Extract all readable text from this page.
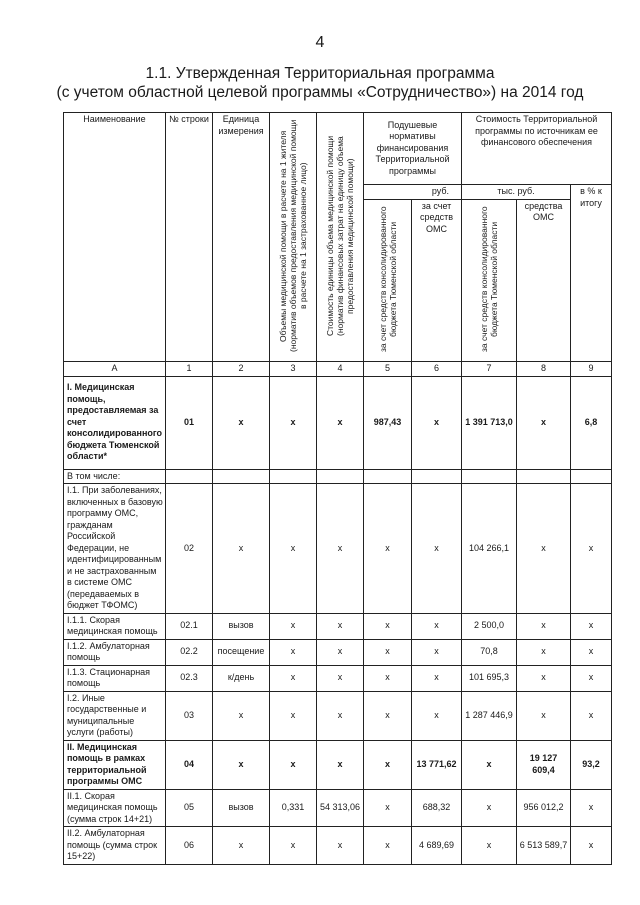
4
1.1. Утвержденная Территориальная программа
(с учетом областной целевой программы «Сотрудничество») на 2014 год
Наименование	№ строки	Единица измерения	Объемы медицинской помощи в расчете на 1 жителя (норматив объемов предоставления медицинской помощи в расчете на 1 застрахованное лицо)	Стоимость единицы объема медицинской помощи (норматив финансовых затрат на единицу объема предоставления медицинской помощи)	Подушевые нормативы финансирования Территориальной программы		Стоимость Территориальной программы по источникам ее финансового обеспечения		
					руб.		тыс. руб.		в % к итогу
					за счет средств консолидированного бюджета Тюменской области	за счет средств ОМС	за счет средств консолидированного бюджета Тюменской области	средства ОМС	
А	1	2	3	4	5	6	7	8	9
I. Медицинская помощь, предоставляемая за счет консолидированного бюджета Тюменской области*	01	х	х	х	987,43	х	1 391 713,0	х	6,8
В том числе:									
I.1. При заболеваниях, включенных в базовую программу ОМС, гражданам Российской Федерации, не идентифицированным и не застрахованным в системе ОМС (передаваемых в бюджет ТФОМС)	02	х	х	х	х	х	104 266,1	х	х
I.1.1. Скорая медицинская помощь	02.1	вызов	х	х	х	х	2 500,0	х	х
I.1.2. Амбулаторная помощь	02.2	посещение	х	х	х	х	70,8	х	х
I.1.3. Стационарная помощь	02.3	к/день	х	х	х	х	101 695,3	х	х
I.2. Иные государственные и муниципальные услуги (работы)	03	х	х	х	х	х	1 287 446,9	х	х
II. Медицинская помощь в рамках территориальной программы ОМС	04	х	х	х	х	13 771,62	х	19 127 609,4	93,2
II.1. Скорая медицинская помощь (сумма строк 14+21)	05	вызов	0,331	54 313,06	х	688,32	х	956 012,2	х
II.2. Амбулаторная помощь (сумма строк 15+22)	06	х	х	х	х	4 689,69	х	6 513 589,7	х
